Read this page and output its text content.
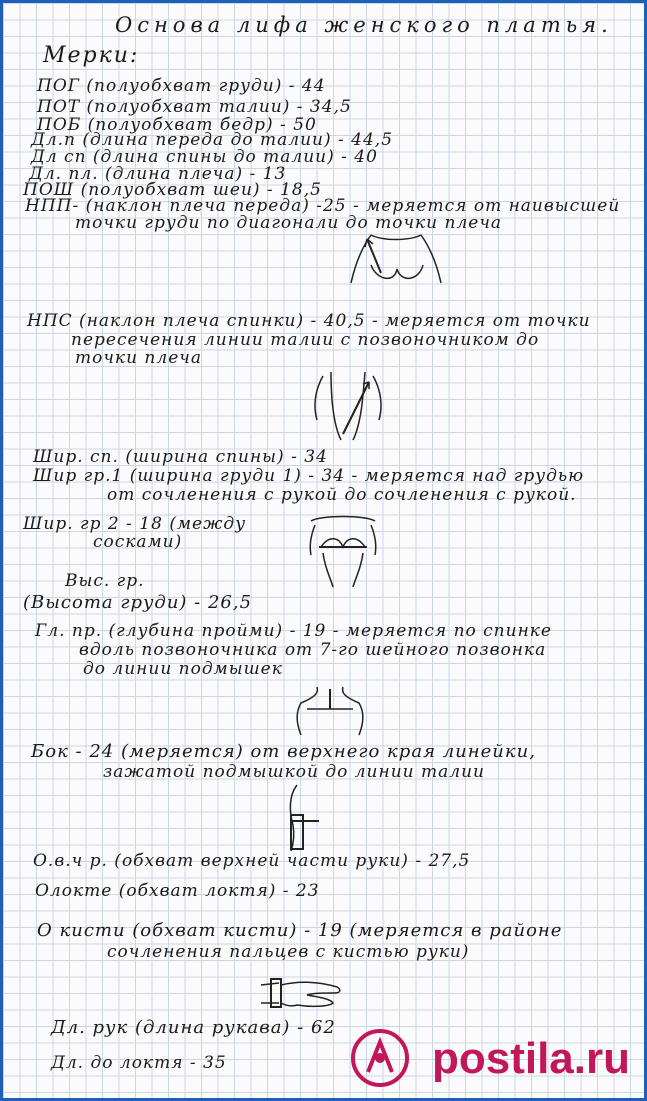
Основа лифа женского платья.
Мерки:
ПОГ (полуобхват груди) - 44
ПОТ (полуобхват талии) - 34,5
ПОБ (полуобхват бедр) - 50
Дл.п (длина переда до талии) - 44,5
Дл сп (длина спины до талии) - 40
Дл. пл. (длина плеча) - 13
ПОШ (полуобхват шеи) - 18,5
НПП- (наклон плеча переда) -25 - меряется от наивысшей
точки груди по диагонали до точки плеча
НПС (наклон плеча спинки) - 40,5 - меряется от точки
пересечения линии талии с позвоночником до
точки плеча
Шир. сп. (ширина спины) - 34
Шир гр.1 (ширина груди 1) - 34 - меряется над грудью
от сочленения с рукой до сочленения с рукой.
Шир. гр 2 - 18 (между
сосками)
Выс. гр.
(Высота груди) - 26,5
Гл. пр. (глубина пройми) - 19 - меряется по спинке
вдоль позвоночника от 7-го шейного позвонка
до линии подмышек
Бок - 24 (меряется) от верхнего края линейки,
зажатой подмышкой до линии талии
О.в.ч р. (обхват верхней части руки) - 27,5
Олокте (обхват локтя) - 23
О кисти (обхват кисти) - 19 (меряется в районе
сочленения пальцев с кистью руки)
Дл. рук (длина рукава) - 62
Дл. до локтя - 35	postila.ru
